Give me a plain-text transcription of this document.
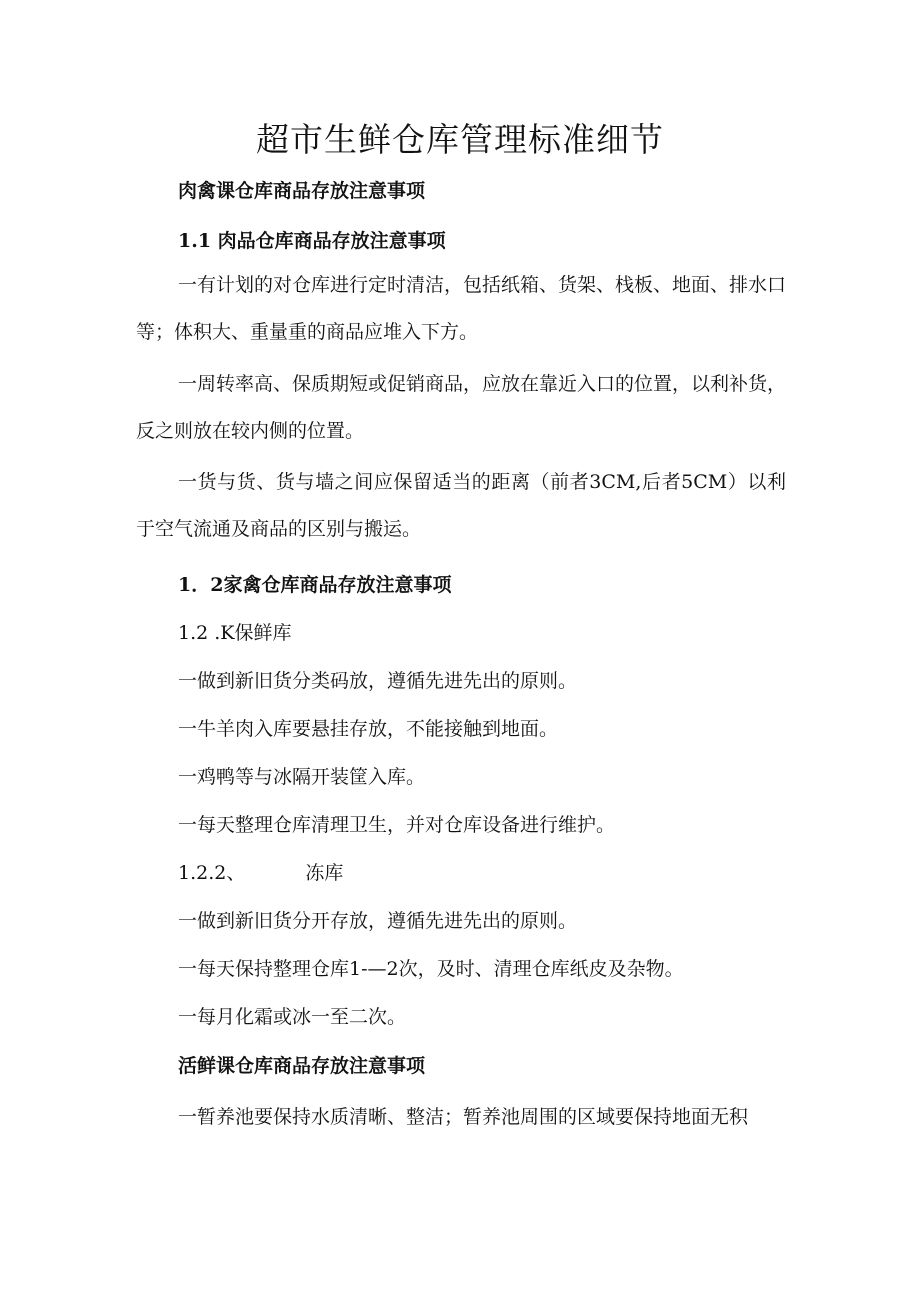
超市生鲜仓库管理标准细节

肉禽课仓库商品存放注意事项

1.1 肉品仓库商品存放注意事项

一有计划的对仓库进行定时清洁，包括纸箱、货架、栈板、地面、排水口等；体积大、重量重的商品应堆入下方。

一周转率高、保质期短或促销商品，应放在靠近入口的位置，以利补货，反之则放在较内侧的位置。

一货与货、货与墙之间应保留适当的距离（前者3CM,后者5CM）以利于空气流通及商品的区别与搬运。

1．2家禽仓库商品存放注意事项

1.2 .K保鲜库

一做到新旧货分类码放，遵循先进先出的原则。

一牛羊肉入库要悬挂存放，不能接触到地面。

一鸡鸭等与冰隔开装筐入库。

一每天整理仓库清理卫生，并对仓库设备进行维护。

1.2.2、	冻库

一做到新旧货分开存放，遵循先进先出的原则。

一每天保持整理仓库1-—2次，及时、清理仓库纸皮及杂物。

一每月化霜或冰一至二次。

活鲜课仓库商品存放注意事项

一暂养池要保持水质清晰、整洁；暂养池周围的区域要保持地面无积
